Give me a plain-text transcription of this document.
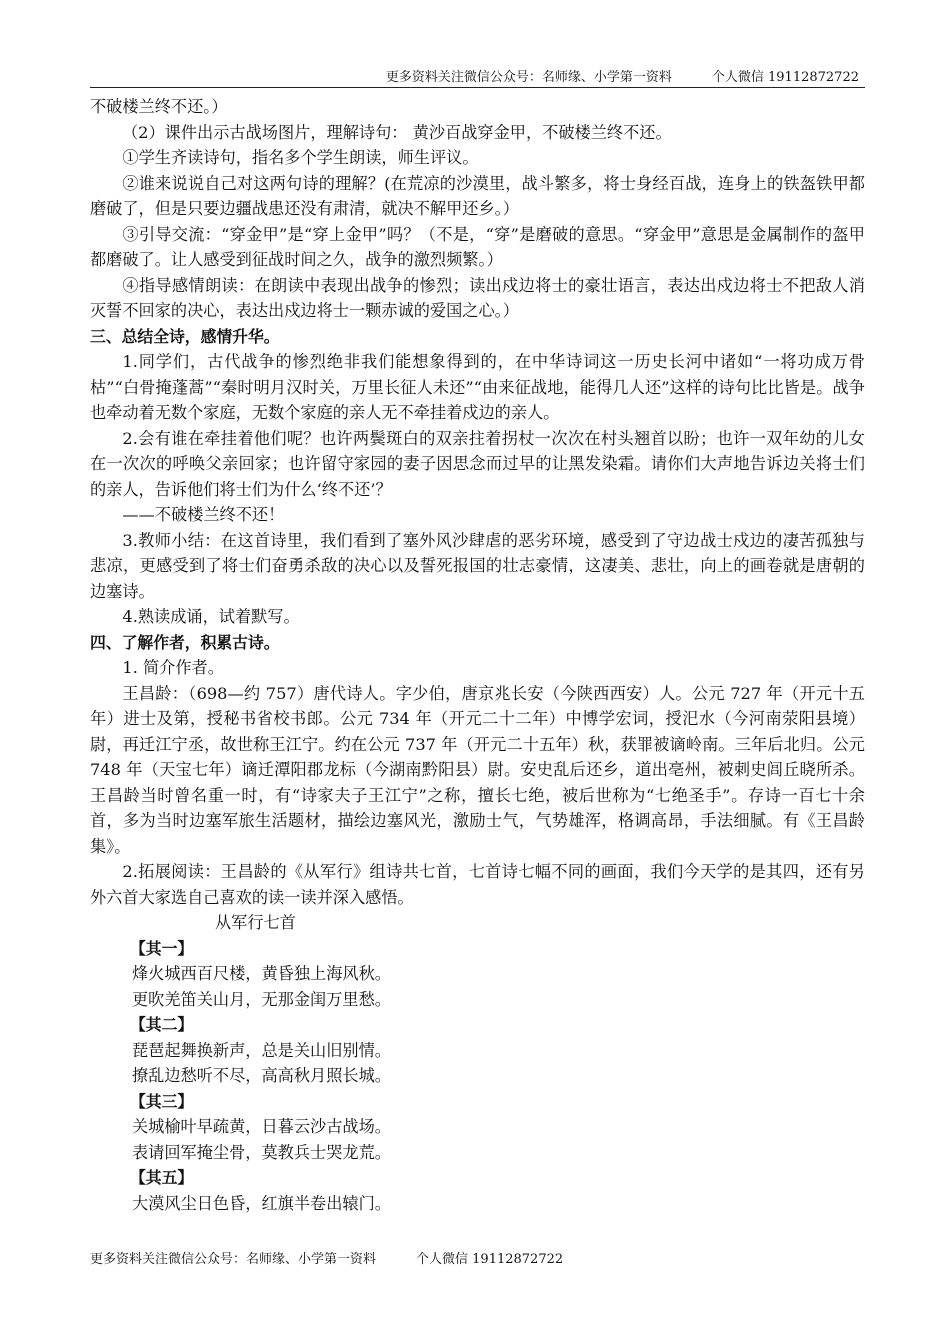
更多资料关注微信公众号：名师缘、小学第一资料	个人微信 19112872722

不破楼兰终不还。）

（2）课件出示古战场图片，理解诗句： 黄沙百战穿金甲，不破楼兰终不还。

①学生齐读诗句，指名多个学生朗读，师生评议。

②谁来说说自己对这两句诗的理解？(在荒凉的沙漠里，战斗繁多，将士身经百战，连身上的铁盔铁甲都磨破了，但是只要边疆战患还没有肃清，就决不解甲还乡。）

③引导交流：“穿金甲”是“穿上金甲”吗？（不是，“穿”是磨破的意思。“穿金甲”意思是金属制作的盔甲都磨破了。让人感受到征战时间之久，战争的激烈频繁。）

④指导感情朗读：在朗读中表现出战争的惨烈；读出戍边将士的豪壮语言，表达出戍边将士不把敌人消灭誓不回家的决心，表达出戍边将士一颗赤诚的爱国之心。）

三、总结全诗，感情升华。

1.同学们，古代战争的惨烈绝非我们能想象得到的，在中华诗词这一历史长河中诸如“一将功成万骨枯”“白骨掩蓬蒿”“秦时明月汉时关，万里长征人未还”“由来征战地，能得几人还”这样的诗句比比皆是。战争也牵动着无数个家庭，无数个家庭的亲人无不牵挂着戍边的亲人。

2.会有谁在牵挂着他们呢？也许两鬓斑白的双亲拄着拐杖一次次在村头翘首以盼；也许一双年幼的儿女在一次次的呼唤父亲回家；也许留守家园的妻子因思念而过早的让黑发染霜。请你们大声地告诉边关将士们的亲人，告诉他们将士们为什么‘终不还’？

——不破楼兰终不还！

3.教师小结：在这首诗里，我们看到了塞外风沙肆虐的恶劣环境，感受到了守边战士戍边的凄苦孤独与悲凉，更感受到了将士们奋勇杀敌的决心以及誓死报国的壮志豪情，这凄美、悲壮，向上的画卷就是唐朝的边塞诗。

4.熟读成诵，试着默写。

四、了解作者，积累古诗。

1. 简介作者。

王昌龄：（698—约 757）唐代诗人。字少伯，唐京兆长安（今陕西西安）人。公元 727 年（开元十五年）进士及第，授秘书省校书郎。公元 734 年（开元二十二年）中博学宏词，授汜水（今河南荥阳县境）尉，再迁江宁丞，故世称王江宁。约在公元 737 年（开元二十五年）秋，获罪被谪岭南。三年后北归。公元 748 年（天宝七年）谪迁潭阳郡龙标（今湖南黔阳县）尉。安史乱后还乡，道出亳州，被刺史闾丘晓所杀。王昌龄当时曾名重一时，有“诗家夫子王江宁”之称，擅长七绝，被后世称为“七绝圣手”。存诗一百七十余首，多为当时边塞军旅生活题材，描绘边塞风光，激励士气，气势雄浑，格调高昂，手法细腻。有《王昌龄集》。

2.拓展阅读：王昌龄的《从军行》组诗共七首，七首诗七幅不同的画面，我们今天学的是其四，还有另外六首大家选自己喜欢的读一读并深入感悟。

从军行七首

【其一】

烽火城西百尺楼，黄昏独上海风秋。

更吹羌笛关山月，无那金闺万里愁。

【其二】

琵琶起舞换新声，总是关山旧别情。

撩乱边愁听不尽，高高秋月照长城。

【其三】

关城榆叶早疏黄，日暮云沙古战场。

表请回军掩尘骨，莫教兵士哭龙荒。

【其五】

大漠风尘日色昏，红旗半卷出辕门。

更多资料关注微信公众号：名师缘、小学第一资料	个人微信 19112872722
